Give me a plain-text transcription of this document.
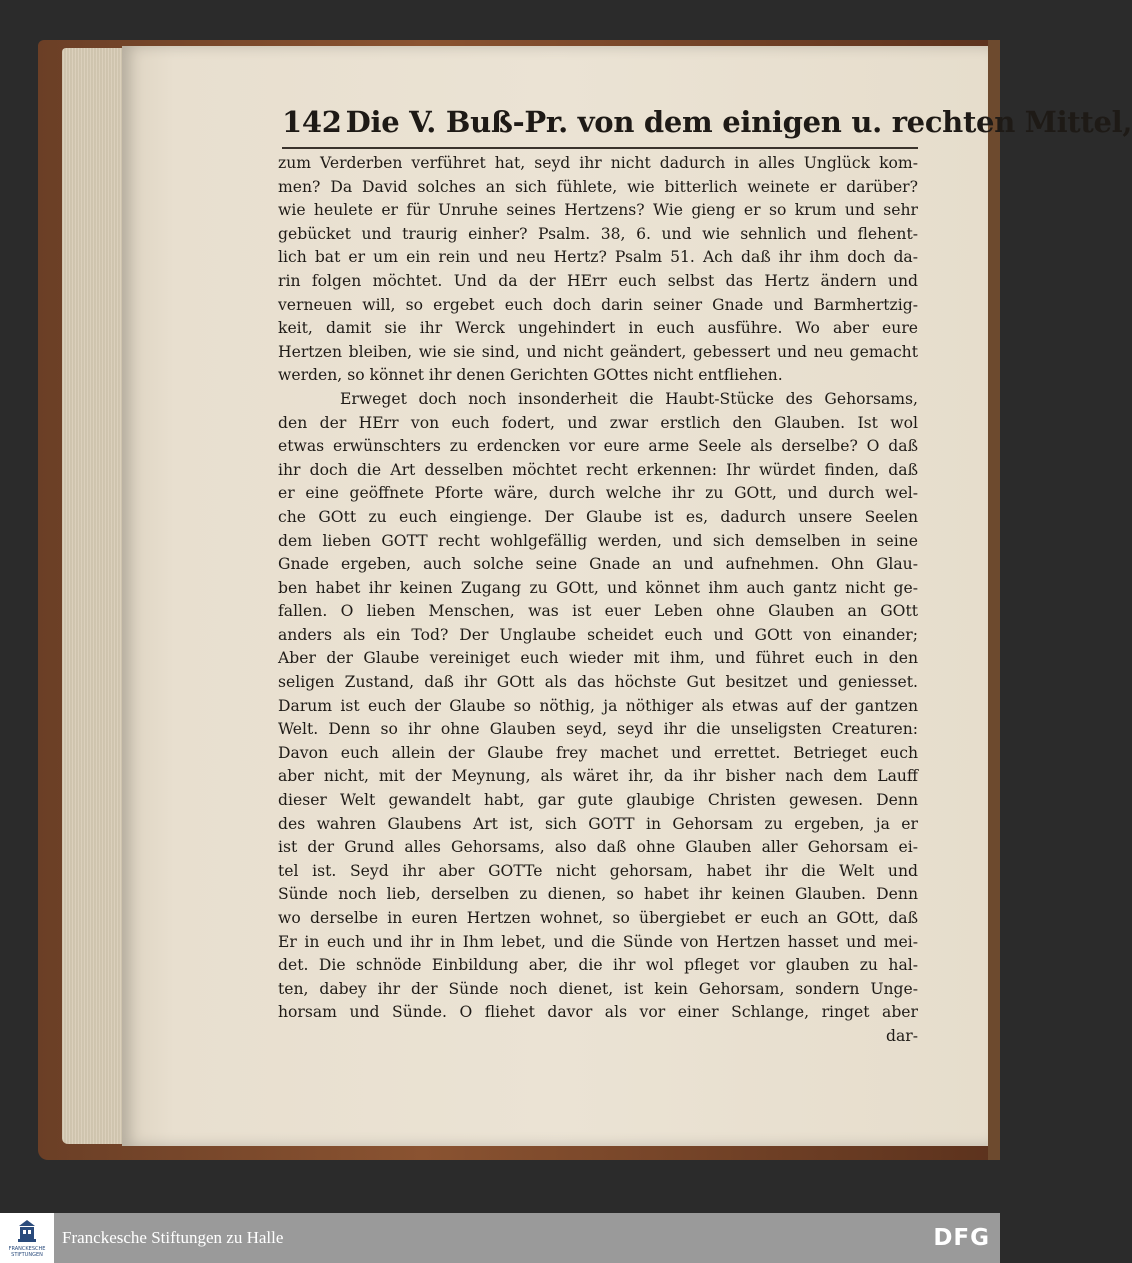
142 Die V. Buß-Pr. von dem einigen u. rechten Mittel,
zum Verderben verführet hat, seyd ihr nicht dadurch in alles Unglück kom-
men? Da David solches an sich fühlete, wie bitterlich weinete er darüber?
wie heulete er für Unruhe seines Hertzens? Wie gieng er so krum und sehr
gebücket und traurig einher? Psalm. 38, 6. und wie sehnlich und flehent-
lich bat er um ein rein und neu Hertz? Psalm 51. Ach daß ihr ihm doch da-
rin folgen möchtet. Und da der HErr euch selbst das Hertz ändern und
verneuen will, so ergebet euch doch darin seiner Gnade und Barmhertzig-
keit, damit sie ihr Werck ungehindert in euch ausführe. Wo aber eure
Hertzen bleiben, wie sie sind, und nicht geändert, gebessert und neu gemacht
werden, so könnet ihr denen Gerichten GOttes nicht entfliehen.
Erweget doch noch insonderheit die Haubt-Stücke des Gehorsams,
den der HErr von euch fodert, und zwar erstlich den Glauben. Ist wol
etwas erwünschters zu erdencken vor eure arme Seele als derselbe? O daß
ihr doch die Art desselben möchtet recht erkennen: Ihr würdet finden, daß
er eine geöffnete Pforte wäre, durch welche ihr zu GOtt, und durch wel-
che GOtt zu euch eingienge. Der Glaube ist es, dadurch unsere Seelen
dem lieben GOTT recht wohlgefällig werden, und sich demselben in seine
Gnade ergeben, auch solche seine Gnade an und aufnehmen. Ohn Glau-
ben habet ihr keinen Zugang zu GOtt, und könnet ihm auch gantz nicht ge-
fallen. O lieben Menschen, was ist euer Leben ohne Glauben an GOtt
anders als ein Tod? Der Unglaube scheidet euch und GOtt von einander;
Aber der Glaube vereiniget euch wieder mit ihm, und führet euch in den
seligen Zustand, daß ihr GOtt als das höchste Gut besitzet und geniesset.
Darum ist euch der Glaube so nöthig, ja nöthiger als etwas auf der gantzen
Welt. Denn so ihr ohne Glauben seyd, seyd ihr die unseligsten Creaturen:
Davon euch allein der Glaube frey machet und errettet. Betrieget euch
aber nicht, mit der Meynung, als wäret ihr, da ihr bisher nach dem Lauff
dieser Welt gewandelt habt, gar gute glaubige Christen gewesen. Denn
des wahren Glaubens Art ist, sich GOTT in Gehorsam zu ergeben, ja er
ist der Grund alles Gehorsams, also daß ohne Glauben aller Gehorsam ei-
tel ist. Seyd ihr aber GOTTe nicht gehorsam, habet ihr die Welt und
Sünde noch lieb, derselben zu dienen, so habet ihr keinen Glauben. Denn
wo derselbe in euren Hertzen wohnet, so übergiebet er euch an GOtt, daß
Er in euch und ihr in Ihm lebet, und die Sünde von Hertzen hasset und mei-
det. Die schnöde Einbildung aber, die ihr wol pfleget vor glauben zu hal-
ten, dabey ihr der Sünde noch dienet, ist kein Gehorsam, sondern Unge-
horsam und Sünde. O fliehet davor als vor einer Schlange, ringet aber
dar-
FRANCKESCHE STIFTUNGEN
Franckesche Stiftungen zu Halle	DFG
